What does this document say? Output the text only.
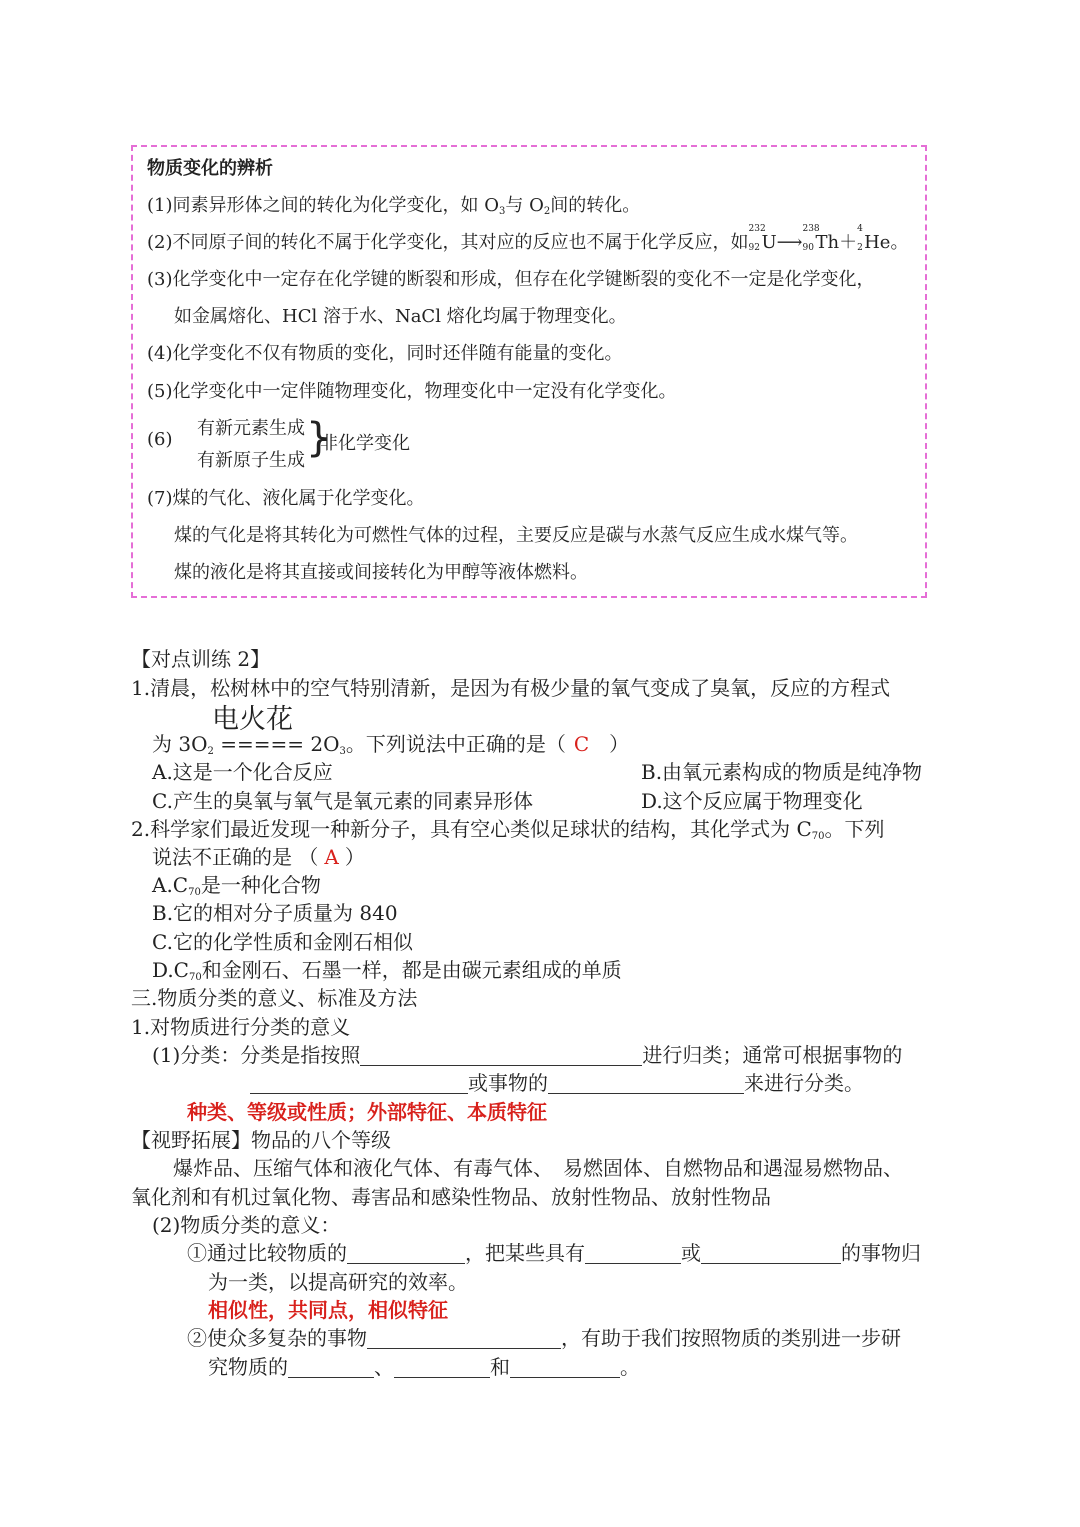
物质变化的辨析
(1)同素异形体之间的转化为化学变化，如 $O_3$与 $O_2$间的转化。
(2)不同原子间的转化不属于化学变化，其对应的反应也不属于化学反应，如
232
92 U⟶
238
90 Th＋
4
2 He。
(3)化学变化中一定存在化学键的断裂和形成，但存在化学键断裂的变化不一定是化学变化，
如金属熔化、HCl 溶于水、NaCl 熔化均属于物理变化。
(4)化学变化不仅有物质的变化，同时还伴随有能量的变化。
(5)化学变化中一定伴随物理变化，物理变化中一定没有化学变化。
(6)
有新元素生成
有新原子生成 }
非化学变化
(7)煤的气化、液化属于化学变化。
煤的气化是将其转化为可燃性气体的过程，主要反应是碳与水蒸气反应生成水煤气等。
煤的液化是将其直接或间接转化为甲醇等液体燃料。
【对点训练 2】
1.清晨，松树林中的空气特别清新，是因为有极少量的氧气变成了臭氧，反应的方程式
电火花
为 $3O_2$ ===== $2O_3$。下列说法中正确的是（ C ）
A.这是一个化合反应	B.由氧元素构成的物质是纯净物
C.产生的臭氧与氧气是氧元素的同素异形体	D.这个反应属于物理变化
2.科学家们最近发现一种新分子，具有空心类似足球状的结构，其化学式为 $C_{70}$。下列
说法不正确的是 （ A ）
$A.C_{70}$是一种化合物
B.它的相对分子质量为 840
C.它的化学性质和金刚石相似
$D.C_{70}$和金刚石、石墨一样，都是由碳元素组成的单质
三.物质分类的意义、标准及方法
1.对物质进行分类的意义
(1)分类：分类是指按照	进行归类；通常可根据事物的
或事物的	来进行分类。
种类、等级或性质；外部特征、本质特征
【视野拓展】物品的八个等级
爆炸品、压缩气体和液化气体、有毒气体、　易燃固体、自燃物品和遇湿易燃物品、
氧化剂和有机过氧化物、毒害品和感染性物品、放射性物品、放射性物品
(2)物质分类的意义：
①通过比较物质的	，把某些具有	或	的事物归
为一类，以提高研究的效率。
相似性，共同点，相似特征
②使众多复杂的事物	，有助于我们按照物质的类别进一步研
究物质的	、	和	。
